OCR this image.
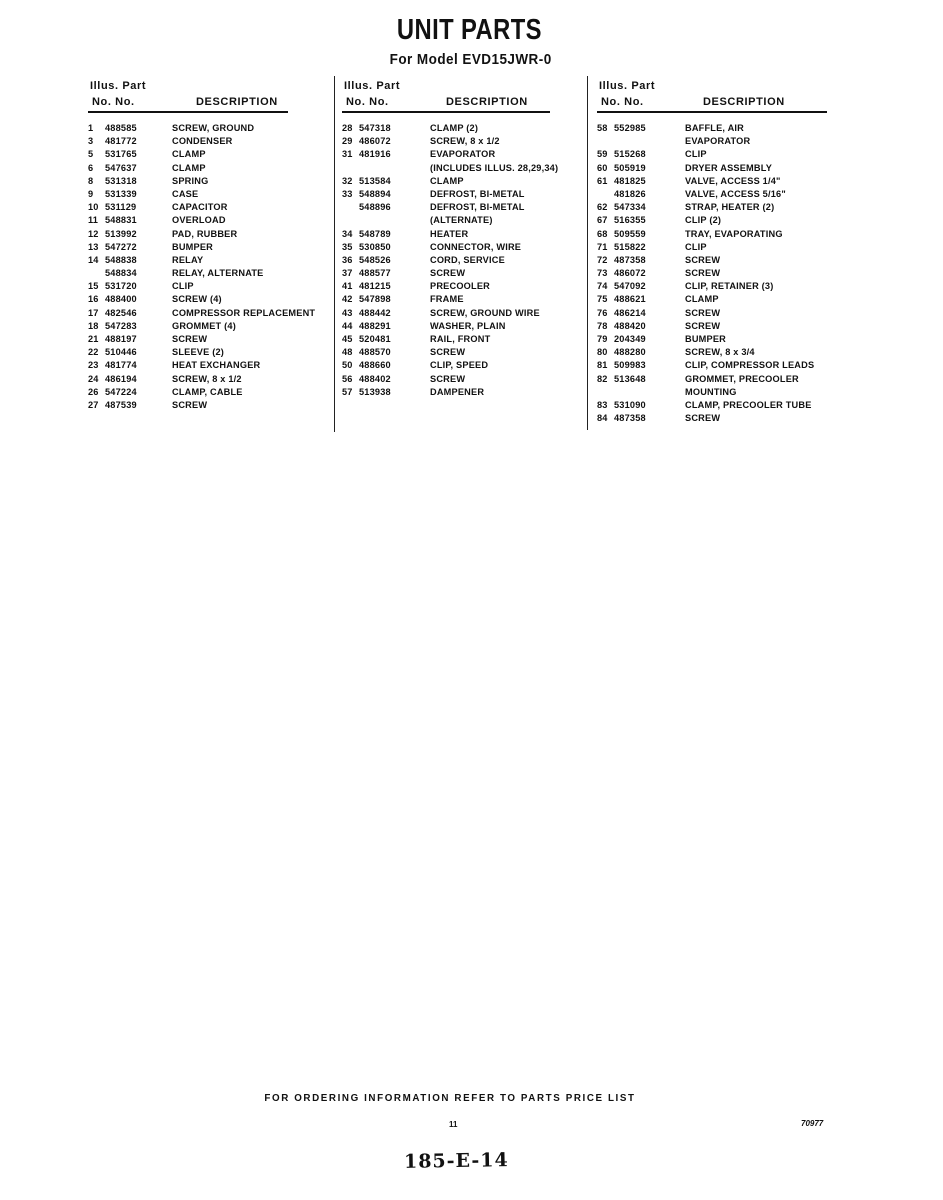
UNIT PARTS
For Model EVD15JWR-0
Illus. Part
No. No.	DESCRIPTION
1	488585	SCREW, GROUND
3	481772	CONDENSER
5	531765	CLAMP
6	547637	CLAMP
8	531318	SPRING
9	531339	CASE
10 531129	CAPACITOR
11 548831	OVERLOAD
12 513992	PAD, RUBBER
13 547272	BUMPER
14 548838	RELAY
548834	RELAY, ALTERNATE
15 531720	CLIP
16 488400	SCREW (4)
17 482546	COMPRESSOR REPLACEMENT
18 547283	GROMMET (4)
21 488197	SCREW
22 510446	SLEEVE (2)
23 481774	HEAT EXCHANGER
24 486194	SCREW, 8 x 1/2
26 547224	CLAMP, CABLE
27 487539	SCREW
Illus. Part
No. No.	DESCRIPTION
28 547318	CLAMP (2)
29 486072	SCREW, 8 x 1/2
31 481916	EVAPORATOR
(INCLUDES ILLUS. 28,29,34)
32 513584	CLAMP
33 548894	DEFROST, BI-METAL
548896	DEFROST, BI-METAL
(ALTERNATE)
34 548789	HEATER
35 530850	CONNECTOR, WIRE
36 548526	CORD, SERVICE
37 488577	SCREW
41 481215	PRECOOLER
42 547898	FRAME
43 488442	SCREW, GROUND WIRE
44 488291	WASHER, PLAIN
45 520481	RAIL, FRONT
48 488570	SCREW
50 488660	CLIP, SPEED
56 488402	SCREW
57 513938	DAMPENER
Illus. Part
No. No.	DESCRIPTION
58 552985	BAFFLE, AIR
EVAPORATOR
59 515268	CLIP
60 505919	DRYER ASSEMBLY
61 481825	VALVE, ACCESS 1/4"
481826	VALVE, ACCESS 5/16"
62 547334	STRAP, HEATER (2)
67 516355	CLIP (2)
68 509559	TRAY, EVAPORATING
71 515822	CLIP
72 487358	SCREW
73 486072	SCREW
74 547092	CLIP, RETAINER (3)
75 488621	CLAMP
76 486214	SCREW
78 488420	SCREW
79 204349	BUMPER
80 488280	SCREW, 8 x 3/4
81 509983	CLIP, COMPRESSOR LEADS
82 513648	GROMMET, PRECOOLER
MOUNTING
83 531090	CLAMP, PRECOOLER TUBE
84 487358	SCREW
FOR ORDERING INFORMATION REFER TO PARTS PRICE LIST
11	70977
185-E-14
